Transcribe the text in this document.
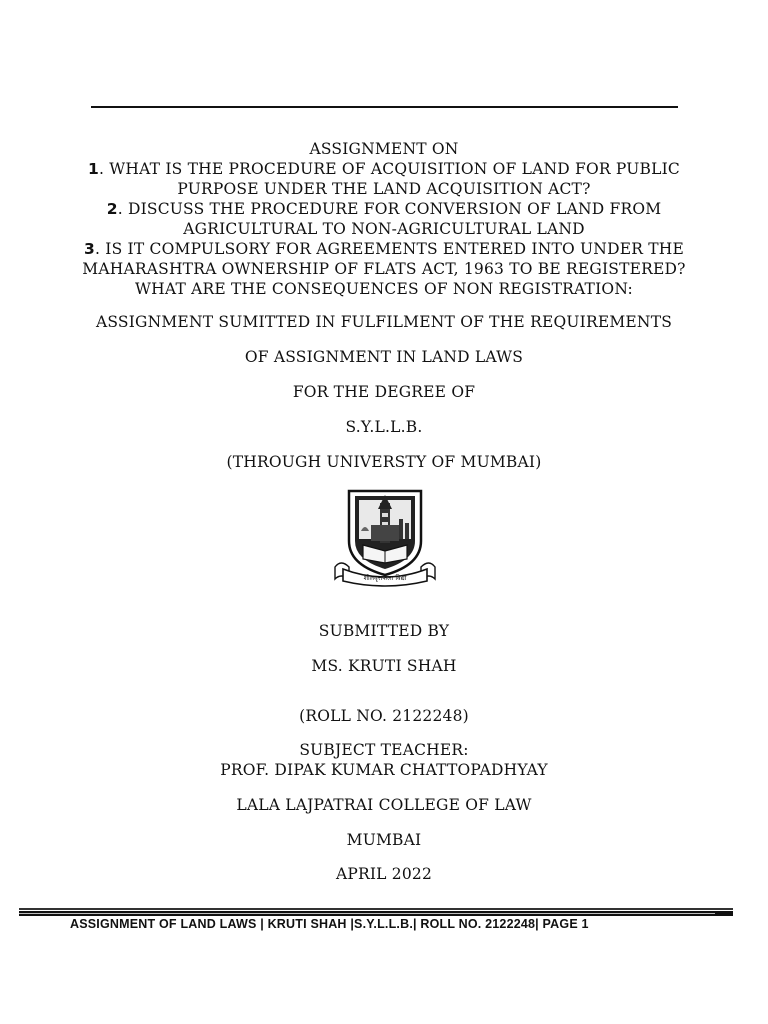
ASSIGNMENT ON
1. WHAT IS THE PROCEDURE OF ACQUISITION OF LAND FOR PUBLIC
PURPOSE UNDER THE LAND ACQUISITION ACT?
2. DISCUSS THE PROCEDURE FOR CONVERSION OF LAND FROM
AGRICULTURAL TO NON-AGRICULTURAL LAND
3. IS IT COMPULSORY FOR AGREEMENTS ENTERED INTO UNDER THE
MAHARASHTRA OWNERSHIP OF FLATS ACT, 1963 TO BE REGISTERED?
WHAT ARE THE CONSEQUENCES OF NON REGISTRATION:
ASSIGNMENT SUMITTED IN FULFILMENT OF THE REQUIREMENTS
OF ASSIGNMENT IN LAND LAWS
FOR THE DEGREE OF
S.Y.L.L.B.
(THROUGH UNIVERSTY OF MUMBAI)
शीलवृत्तफला विद्या
SUBMITTED BY
MS. KRUTI SHAH
(ROLL NO. 2122248)
SUBJECT TEACHER:
PROF. DIPAK KUMAR CHATTOPADHYAY
LALA LAJPATRAI COLLEGE OF LAW
MUMBAI
APRIL 2022
ASSIGNMENT OF LAND LAWS | KRUTI SHAH |S.Y.L.L.B.| ROLL NO. 2122248| PAGE 1
